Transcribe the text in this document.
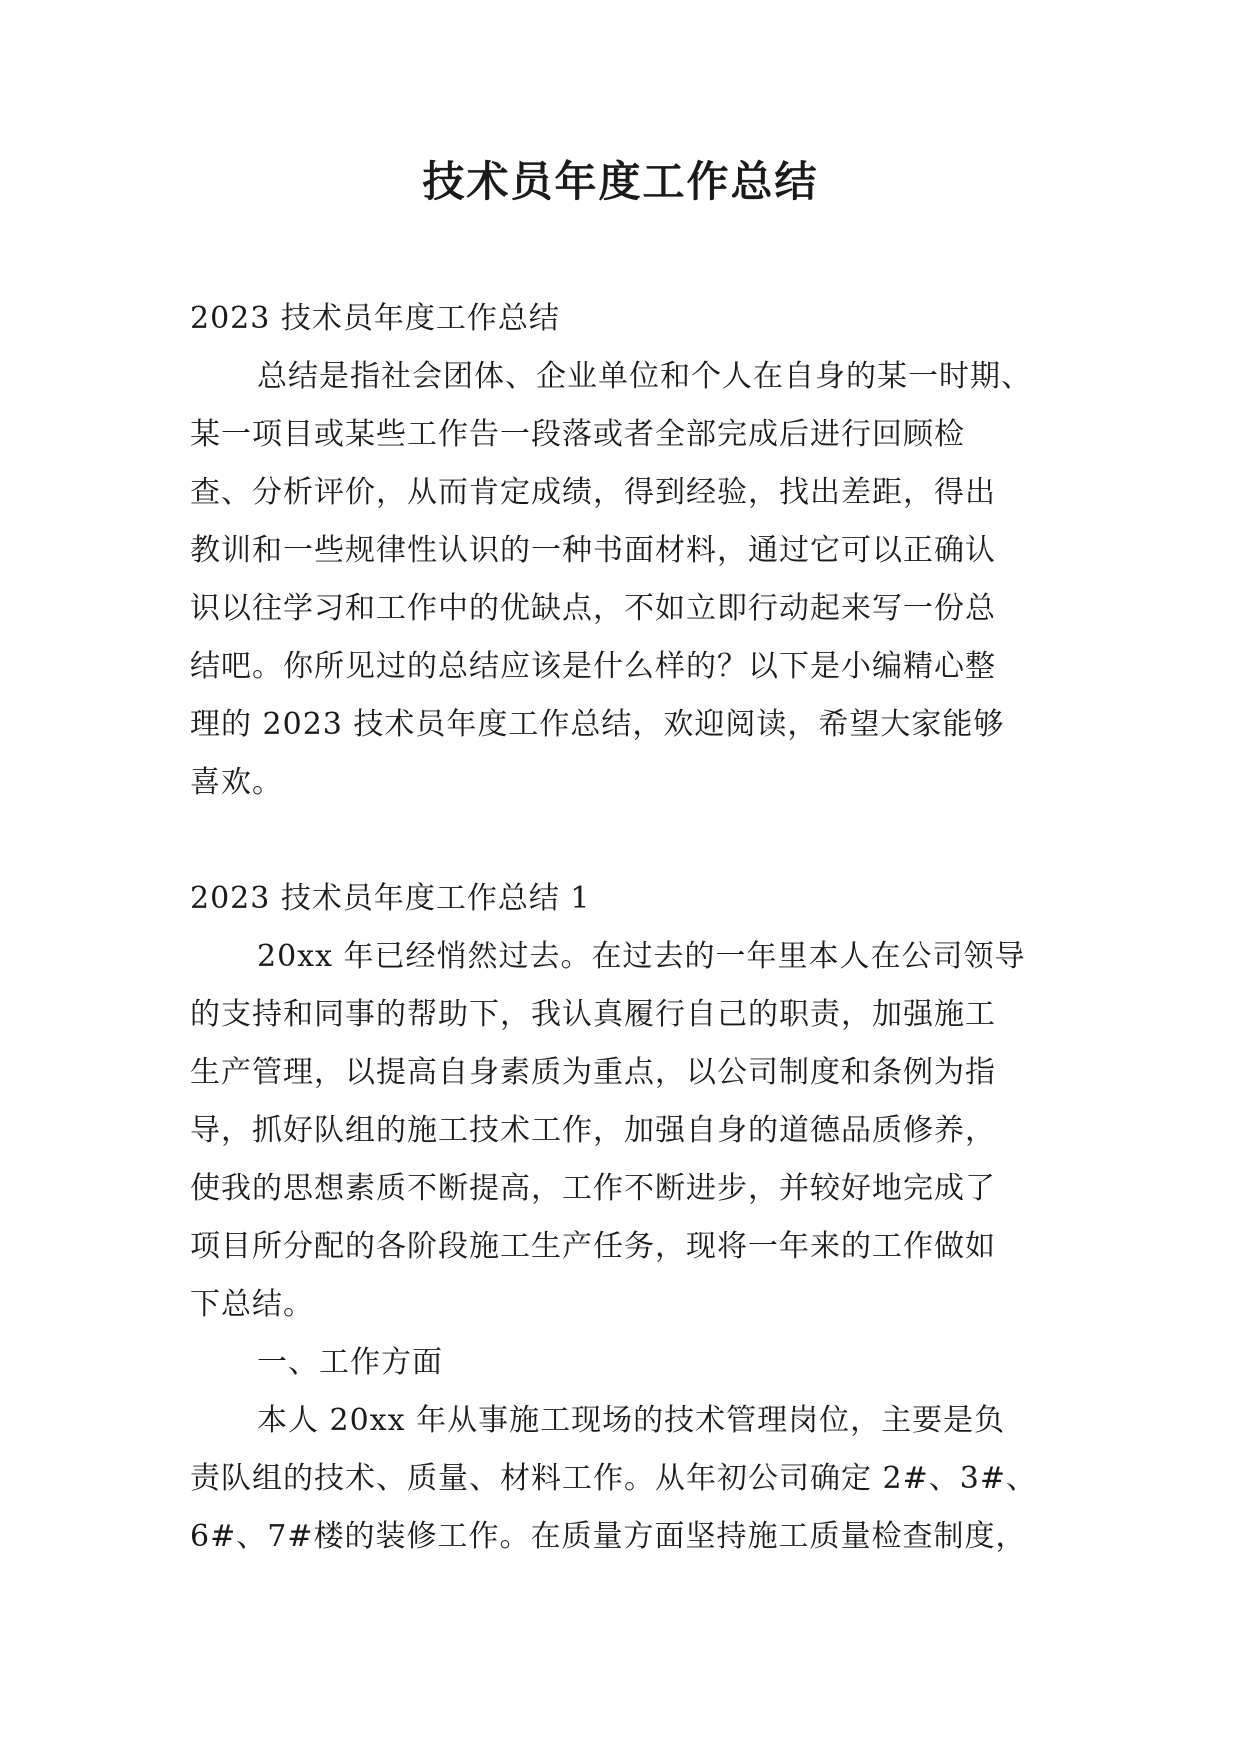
技术员年度工作总结
2023 技术员年度工作总结
总结是指社会团体、企业单位和个人在自身的某一时期、
某一项目或某些工作告一段落或者全部完成后进行回顾检
查、分析评价，从而肯定成绩，得到经验，找出差距，得出
教训和一些规律性认识的一种书面材料，通过它可以正确认
识以往学习和工作中的优缺点，不如立即行动起来写一份总
结吧。你所见过的总结应该是什么样的？以下是小编精心整
理的 2023 技术员年度工作总结，欢迎阅读，希望大家能够
喜欢。
2023 技术员年度工作总结 1
20xx 年已经悄然过去。在过去的一年里本人在公司领导
的支持和同事的帮助下，我认真履行自己的职责，加强施工
生产管理，以提高自身素质为重点，以公司制度和条例为指
导，抓好队组的施工技术工作，加强自身的道德品质修养，
使我的思想素质不断提高，工作不断进步，并较好地完成了
项目所分配的各阶段施工生产任务，现将一年来的工作做如
下总结。
一、工作方面
本人 20xx 年从事施工现场的技术管理岗位，主要是负
责队组的技术、质量、材料工作。从年初公司确定 2#、3#、
6#、7#楼的装修工作。在质量方面坚持施工质量检查制度，
